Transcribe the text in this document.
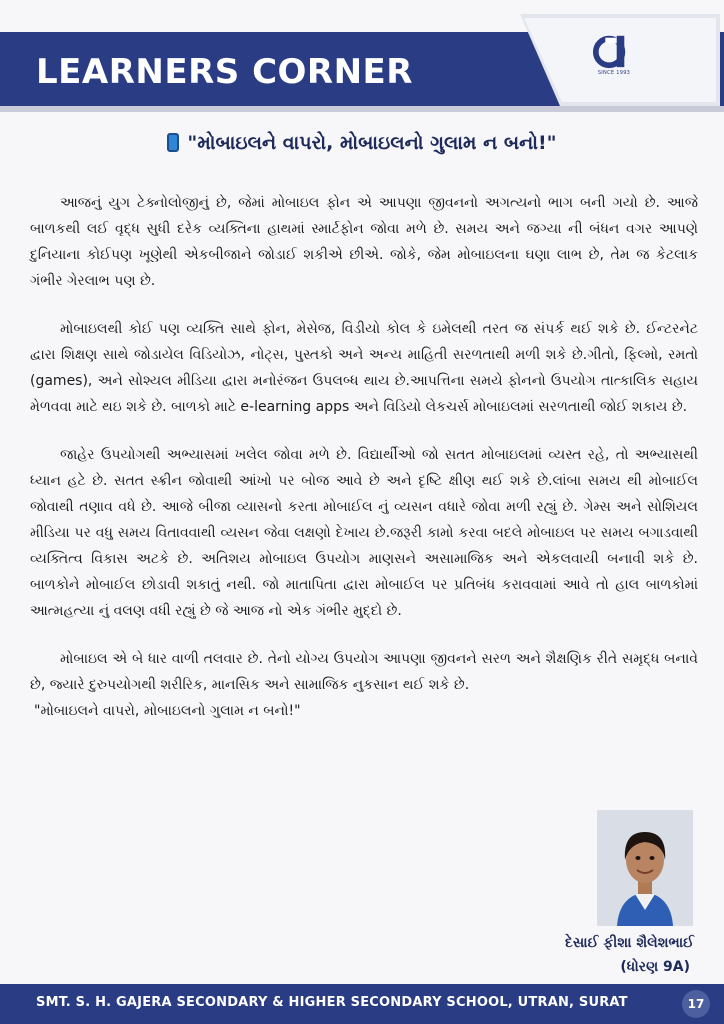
LEARNERS CORNER	SINCE 1993
"મોબાઇલને વાપરો, મોબાઇલનો ગુલામ ન બનો!"

આજનું યુગ ટેક્નોલોજીનું છે, જેમાં મોબાઇલ ફોન એ આપણા જીવનનો અગત્યનો ભાગ બની ગયો છે. આજે બાળકથી લઈ વૃદ્ધ સુધી દરેક વ્યક્તિના હાથમાં સ્માર્ટફોન જોવા મળે છે. સમય અને જગ્યા ની બંધન વગર આપણે દુનિયાના કોઈપણ ખૂણેથી એકબીજાને જોડાઈ શકીએ છીએ. જોકે, જેમ મોબાઇલના ઘણા લાભ છે, તેમ જ કેટલાક ગંભીર ગેરલાભ પણ છે.

મોબાઇલથી કોઈ પણ વ્યક્તિ સાથે ફોન, મેસેજ, વિડીયો કોલ કે ઇમેલથી તરત જ સંપર્ક થઈ શકે છે. ઈન્ટરનેટ દ્વારા શિક્ષણ સાથે જોડાયેલ વિડિયોઝ, નોટ્સ, પુસ્તકો અને અન્ય માહિતી સરળતાથી મળી શકે છે.ગીતો, ફિલ્મો, રમતો (games), અને સોશ્યલ મીડિયા દ્વારા મનોરંજન ઉપલબ્ધ થાય છે.આપત્તિના સમયે ફોનનો ઉપયોગ તાત્કાલિક સહાય મેળવવા માટે થઇ શકે છે. બાળકો માટે e-learning apps અને વિડિયો લેકચર્સ મોબાઇલમાં સરળતાથી જોઈ શકાય છે.

જાહેર ઉપયોગથી અભ્યાસમાં ખલેલ જોવા મળે છે. વિદ્યાર્થીઓ જો સતત મોબાઇલમાં વ્યસ્ત રહે, તો અભ્યાસથી ધ્યાન હટે છે. સતત સ્ક્રીન જોવાથી આંખો પર બોજ આવે છે અને દૃષ્ટિ ક્ષીણ થઈ શકે છે.લાંબા સમય થી મોબાઈલ જોવાથી તણાવ વધે છે. આજે બીજા વ્યાસનો કરતા મોબાઈલ નું વ્યસન વધારે જોવા મળી રહ્યું છે. ગેમ્સ અને સોશિયલ મીડિયા પર વધુ સમય વિતાવવાથી વ્યસન જેવા લક્ષણો દેખાય છે.જરૂરી કામો કરવા બદલે મોબાઇલ પર સમય બગાડવાથી વ્યક્તિત્વ વિકાસ અટકે છે. અતિશય મોબાઇલ ઉપયોગ માણસને અસામાજિક અને એકલવાયી બનાવી શકે છે. બાળકોને મોબાઈલ છોડાવી શકાતું નથી. જો માતાપિતા દ્વારા મોબાઈલ પર પ્રતિબંધ કરાવવામાં આવે તો હાલ બાળકોમાં આત્મહત્યા નું વલણ વધી રહ્યું છે જે આજ નો એક ગંભીર મુદ્દો છે.

મોબાઇલ એ બે ધાર વાળી તલવાર છે. તેનો યોગ્ય ઉપયોગ આપણા જીવનને સરળ અને શૈક્ષણિક રીતે સમૃદ્ધ બનાવે છે, જ્યારે દુરુપયોગથી શરીરિક, માનસિક અને સામાજિક નુકસાન થઈ શકે છે.

"મોબાઇલને વાપરો, મોબાઇલનો ગુલામ ન બનો!"

દેસાઈ ફીશા શૈલેશભાઈ
(ધોરણ 9A)
SMT. S. H. GAJERA SECONDARY & HIGHER SECONDARY SCHOOL, UTRAN, SURAT	17
